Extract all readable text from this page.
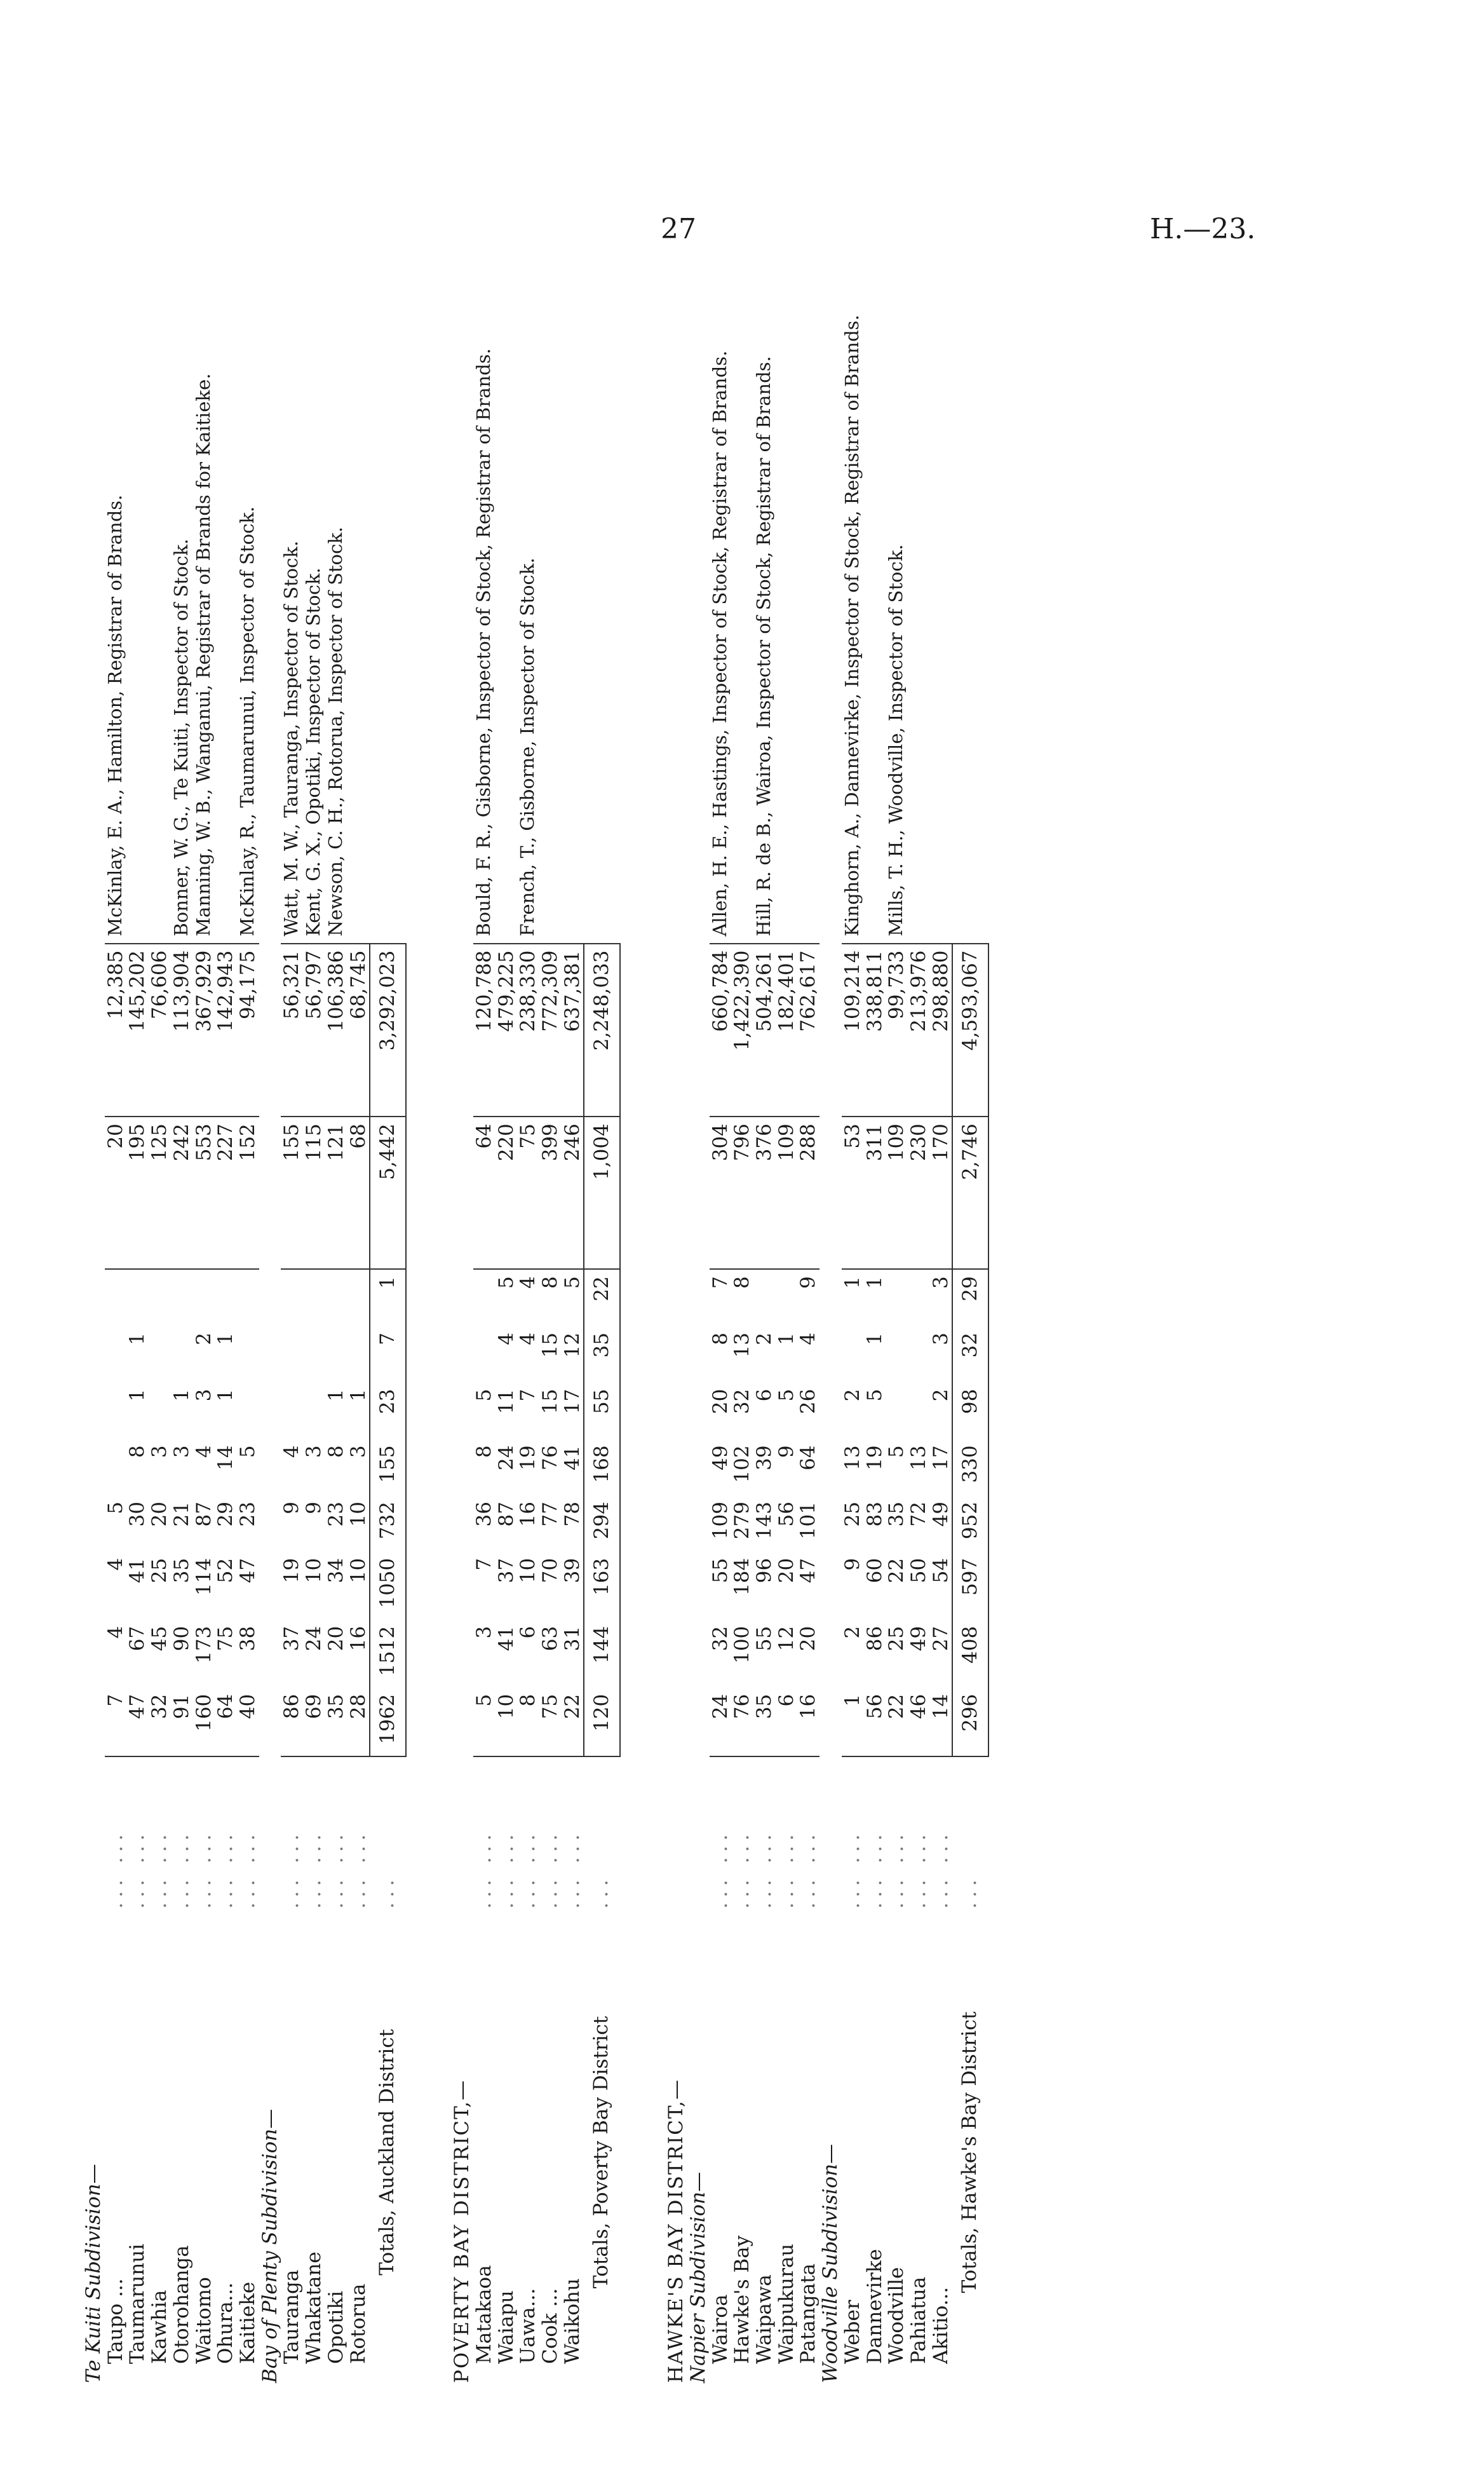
27	H.—23.
Te Kuiti Subdivision—												
Taupo ...	... ...	7	4	4	5					20	12,385	McKinlay, E. A., Hamilton, Registrar of Brands.
Taumarunui	... ...	47	67	41	30	8	1	1		195	145,202	
Kawhia	... ...	32	45	25	20	3				125	76,606	
Otorohanga	... ...	91	90	35	21	3	1			242	113,904	Bonner, W. G., Te Kuiti, Inspector of Stock.
Waitomo	... ...	160	173	114	87	4	3	2		553	367,929	Manning, W. B., Wanganui, Registrar of Brands for Kaitieke.
Ohura...	... ...	64	75	52	29	14	1	1		227	142,943	
Kaitieke	... ...	40	38	47	23	5				152	94,175	McKinlay, R., Taumarunui, Inspector of Stock.
Bay of Plenty Subdivision—												
Tauranga	... ...	86	37	19	9	4				155	56,321	Watt, M. W., Tauranga, Inspector of Stock.
Whakatane	... ...	69	24	10	9	3				115	56,797	Kent, G. X., Opotiki, Inspector of Stock.
Opotiki	... ...	35	20	34	23	8	1			121	106,386	Newson, C. H., Rotorua, Inspector of Stock.
Rotorua	... ...	28	16	10	10	3	1			68	68,745	
Totals, Auckland District	...	1962	1512	1050	732	155	23	7	1	5,442	3,292,023	

POVERTY BAY DISTRICT,—												
Matakaoa	... ...	5	3	7	36	8	5			64	120,788	Bould, F. R., Gisborne, Inspector of Stock, Registrar of Brands.
Waiapu	... ...	10	41	37	87	24	11	4	5	220	479,225	
Uawa...	... ...	8	6	10	16	19	7	4	4	75	238,330	French, T., Gisborne, Inspector of Stock.
Cook ...	... ...	75	63	70	77	76	15	15	8	399	772,309	
Waikohu	... ...	22	31	39	78	41	17	12	5	246	637,381	
Totals, Poverty Bay District	...	120	144	163	294	168	55	35	22	1,004	2,248,033	

HAWKE'S BAY DISTRICT,—												
Napier Subdivision—												
Wairoa	... ...	24	32	55	109	49	20	8	7	304	660,784	Allen, H. E., Hastings, Inspector of Stock, Registrar of Brands.
Hawke's Bay	... ...	76	100	184	279	102	32	13	8	796	1,422,390	
Waipawa	... ...	35	55	96	143	39	6	2		376	504,261	Hill, R. de B., Wairoa, Inspector of Stock, Registrar of Brands.
Waipukurau	... ...	6	12	20	56	9	5	1		109	182,401	
Patangata	... ...	16	20	47	101	64	26	4	9	288	762,617	
Woodville Subdivision—												
Weber	... ...	1	2	9	25	13	2		1	53	109,214	Kinghorn, A., Dannevirke, Inspector of Stock, Registrar of Brands.
Dannevirke	... ...	56	86	60	83	19	5	1	1	311	338,811	
Woodville	... ...	22	25	22	35	5				109	99,733	Mills, T. H., Woodville, Inspector of Stock.
Pahiatua	... ...	46	49	50	72	13				230	213,976	
Akitio...	... ...	14	27	54	49	17	2	3	3	170	298,880	
Totals, Hawke's Bay District	...	296	408	597	952	330	98	32	29	2,746	4,593,067	
